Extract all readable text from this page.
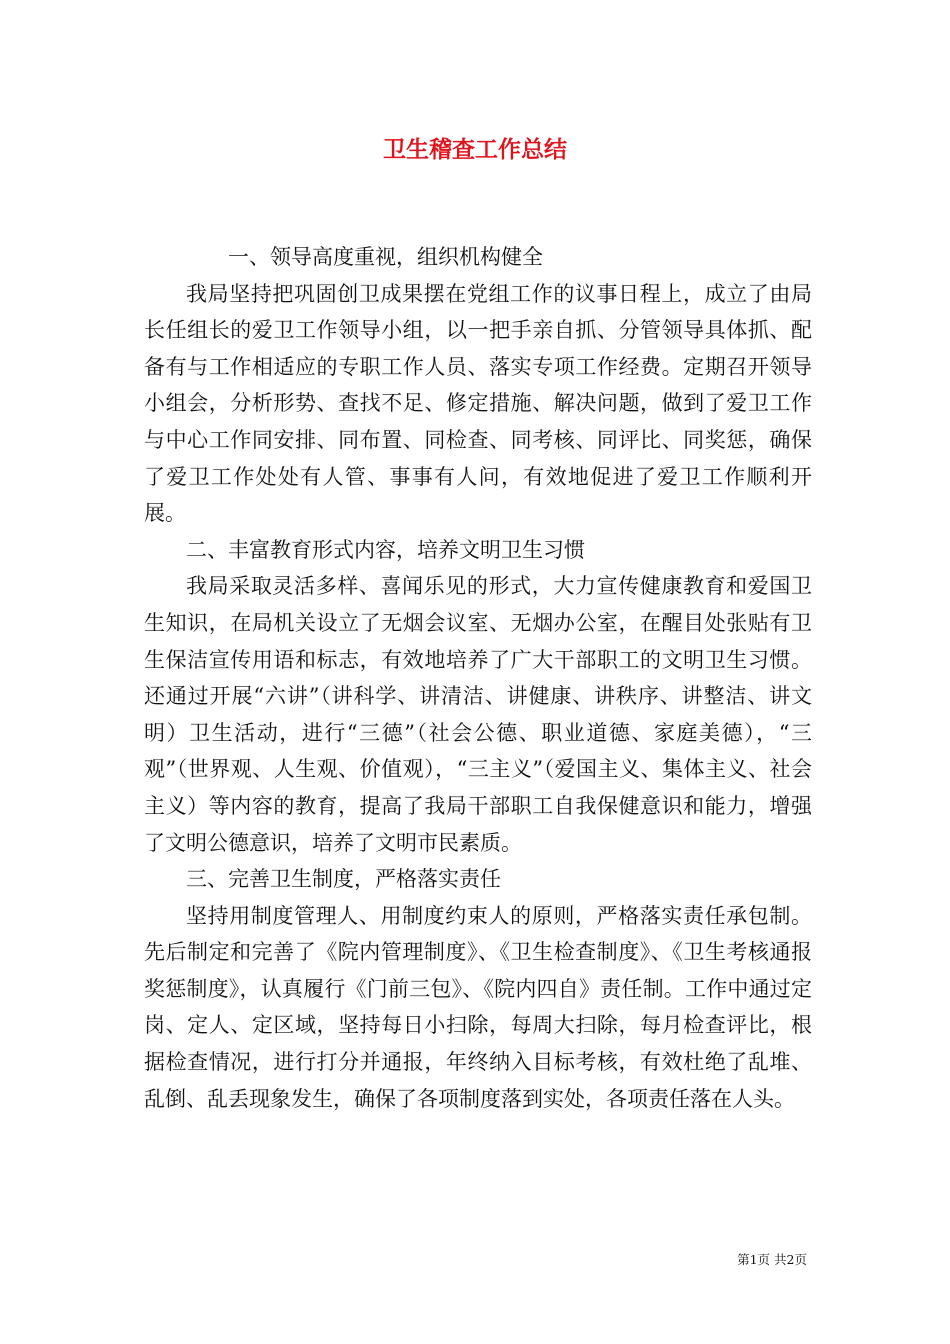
卫生稽查工作总结

一、领导高度重视，组织机构健全

我局坚持把巩固创卫成果摆在党组工作的议事日程上，成立了由局长任组长的爱卫工作领导小组，以一把手亲自抓、分管领导具体抓、配备有与工作相适应的专职工作人员、落实专项工作经费。定期召开领导小组会，分析形势、查找不足、修定措施、解决问题，做到了爱卫工作与中心工作同安排、同布置、同检查、同考核、同评比、同奖惩，确保了爱卫工作处处有人管、事事有人问，有效地促进了爱卫工作顺利开展。

二、丰富教育形式内容，培养文明卫生习惯

我局采取灵活多样、喜闻乐见的形式，大力宣传健康教育和爱国卫生知识，在局机关设立了无烟会议室、无烟办公室，在醒目处张贴有卫生保洁宣传用语和标志，有效地培养了广大干部职工的文明卫生习惯。还通过开展“六讲”（讲科学、讲清洁、讲健康、讲秩序、讲整洁、讲文明）卫生活动，进行“三德”（社会公德、职业道德、家庭美德），“三观”（世界观、人生观、价值观），“三主义”（爱国主义、集体主义、社会主义）等内容的教育，提高了我局干部职工自我保健意识和能力，增强了文明公德意识，培养了文明市民素质。

三、完善卫生制度，严格落实责任

坚持用制度管理人、用制度约束人的原则，严格落实责任承包制。先后制定和完善了《院内管理制度》、《卫生检查制度》、《卫生考核通报奖惩制度》，认真履行《门前三包》、《院内四自》责任制。工作中通过定岗、定人、定区域，坚持每日小扫除，每周大扫除，每月检查评比，根据检查情况，进行打分并通报，年终纳入目标考核，有效杜绝了乱堆、乱倒、乱丢现象发生，确保了各项制度落到实处，各项责任落在人头。

第1页 共2页
